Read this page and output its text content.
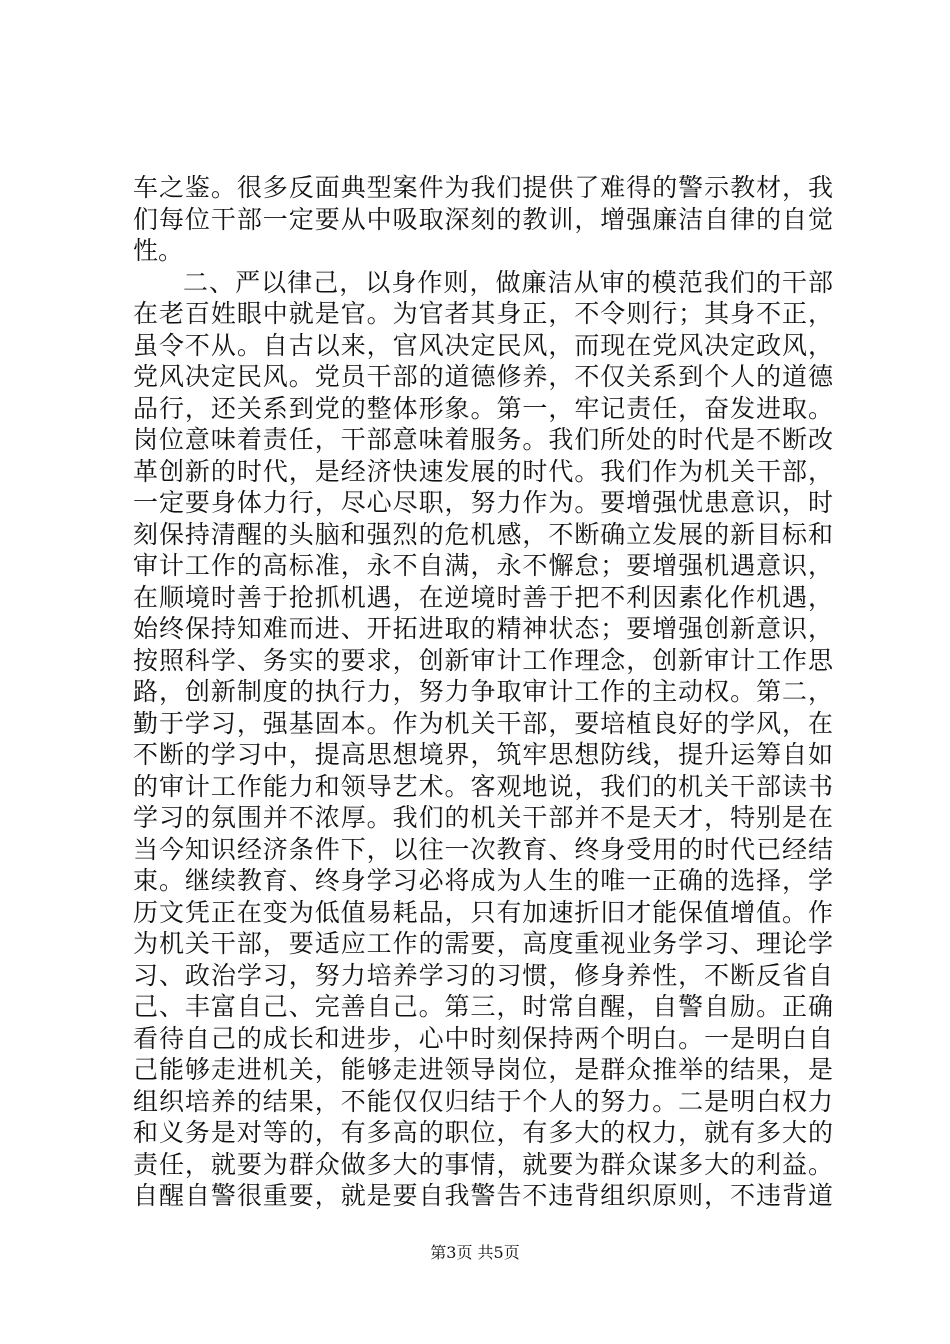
车之鉴。很多反面典型案件为我们提供了难得的警示教材，我
们每位干部一定要从中吸取深刻的教训，增强廉洁自律的自觉
性。
二、严以律己，以身作则，做廉洁从审的模范我们的干部
在老百姓眼中就是官。为官者其身正，不令则行；其身不正，
虽令不从。自古以来，官风决定民风，而现在党风决定政风，
党风决定民风。党员干部的道德修养，不仅关系到个人的道德
品行，还关系到党的整体形象。第一，牢记责任，奋发进取。
岗位意味着责任，干部意味着服务。我们所处的时代是不断改
革创新的时代，是经济快速发展的时代。我们作为机关干部，
一定要身体力行，尽心尽职，努力作为。要增强忧患意识，时
刻保持清醒的头脑和强烈的危机感，不断确立发展的新目标和
审计工作的高标准，永不自满，永不懈怠；要增强机遇意识，
在顺境时善于抢抓机遇，在逆境时善于把不利因素化作机遇，
始终保持知难而进、开拓进取的精神状态；要增强创新意识，
按照科学、务实的要求，创新审计工作理念，创新审计工作思
路，创新制度的执行力，努力争取审计工作的主动权。第二，
勤于学习，强基固本。作为机关干部，要培植良好的学风，在
不断的学习中，提高思想境界，筑牢思想防线，提升运筹自如
的审计工作能力和领导艺术。客观地说，我们的机关干部读书
学习的氛围并不浓厚。我们的机关干部并不是天才，特别是在
当今知识经济条件下，以往一次教育、终身受用的时代已经结
束。继续教育、终身学习必将成为人生的唯一正确的选择，学
历文凭正在变为低值易耗品，只有加速折旧才能保值增值。作
为机关干部，要适应工作的需要，高度重视业务学习、理论学
习、政治学习，努力培养学习的习惯，修身养性，不断反省自
己、丰富自己、完善自己。第三，时常自醒，自警自励。正确
看待自己的成长和进步，心中时刻保持两个明白。一是明白自
己能够走进机关，能够走进领导岗位，是群众推举的结果，是
组织培养的结果，不能仅仅归结于个人的努力。二是明白权力
和义务是对等的，有多高的职位，有多大的权力，就有多大的
责任，就要为群众做多大的事情，就要为群众谋多大的利益。
自醒自警很重要，就是要自我警告不违背组织原则，不违背道
第3页 共5页
